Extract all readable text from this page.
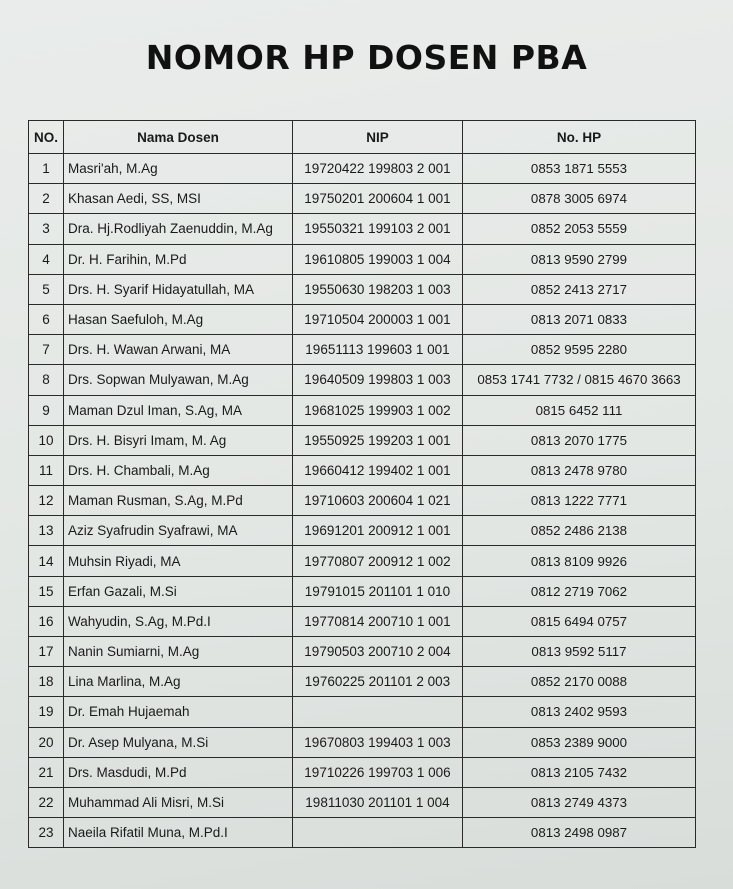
NOMOR HP DOSEN PBA
NO.	Nama Dosen	NIP	No. HP
1	Masri'ah, M.Ag	19720422 199803 2 001	0853 1871 5553
2	Khasan Aedi, SS, MSI	19750201 200604 1 001	0878 3005 6974
3	Dra. Hj.Rodliyah Zaenuddin, M.Ag	19550321 199103 2 001	0852 2053 5559
4	Dr. H. Farihin, M.Pd	19610805 199003 1 004	0813 9590 2799
5	Drs. H. Syarif Hidayatullah, MA	19550630 198203 1 003	0852 2413 2717
6	Hasan Saefuloh, M.Ag	19710504 200003 1 001	0813 2071 0833
7	Drs. H. Wawan Arwani, MA	19651113 199603 1 001	0852 9595 2280
8	Drs. Sopwan Mulyawan, M.Ag	19640509 199803 1 003	0853 1741 7732 / 0815 4670 3663
9	Maman Dzul Iman, S.Ag, MA	19681025 199903 1 002	0815 6452 111
10	Drs. H. Bisyri Imam, M. Ag	19550925 199203 1 001	0813 2070 1775
11	Drs. H. Chambali, M.Ag	19660412 199402 1 001	0813 2478 9780
12	Maman Rusman, S.Ag, M.Pd	19710603 200604 1 021	0813 1222 7771
13	Aziz Syafrudin Syafrawi, MA	19691201 200912 1 001	0852 2486 2138
14	Muhsin Riyadi, MA	19770807 200912 1 002	0813 8109 9926
15	Erfan Gazali, M.Si	19791015 201101 1 010	0812 2719 7062
16	Wahyudin, S.Ag, M.Pd.I	19770814 200710 1 001	0815 6494 0757
17	Nanin Sumiarni, M.Ag	19790503 200710 2 004	0813 9592 5117
18	Lina Marlina, M.Ag	19760225 201101 2 003	0852 2170 0088
19	Dr. Emah Hujaemah		0813 2402 9593
20	Dr. Asep Mulyana, M.Si	19670803 199403 1 003	0853 2389 9000
21	Drs. Masdudi, M.Pd	19710226 199703 1 006	0813 2105 7432
22	Muhammad Ali Misri, M.Si	19811030 201101 1 004	0813 2749 4373
23	Naeila Rifatil Muna, M.Pd.I		0813 2498 0987
